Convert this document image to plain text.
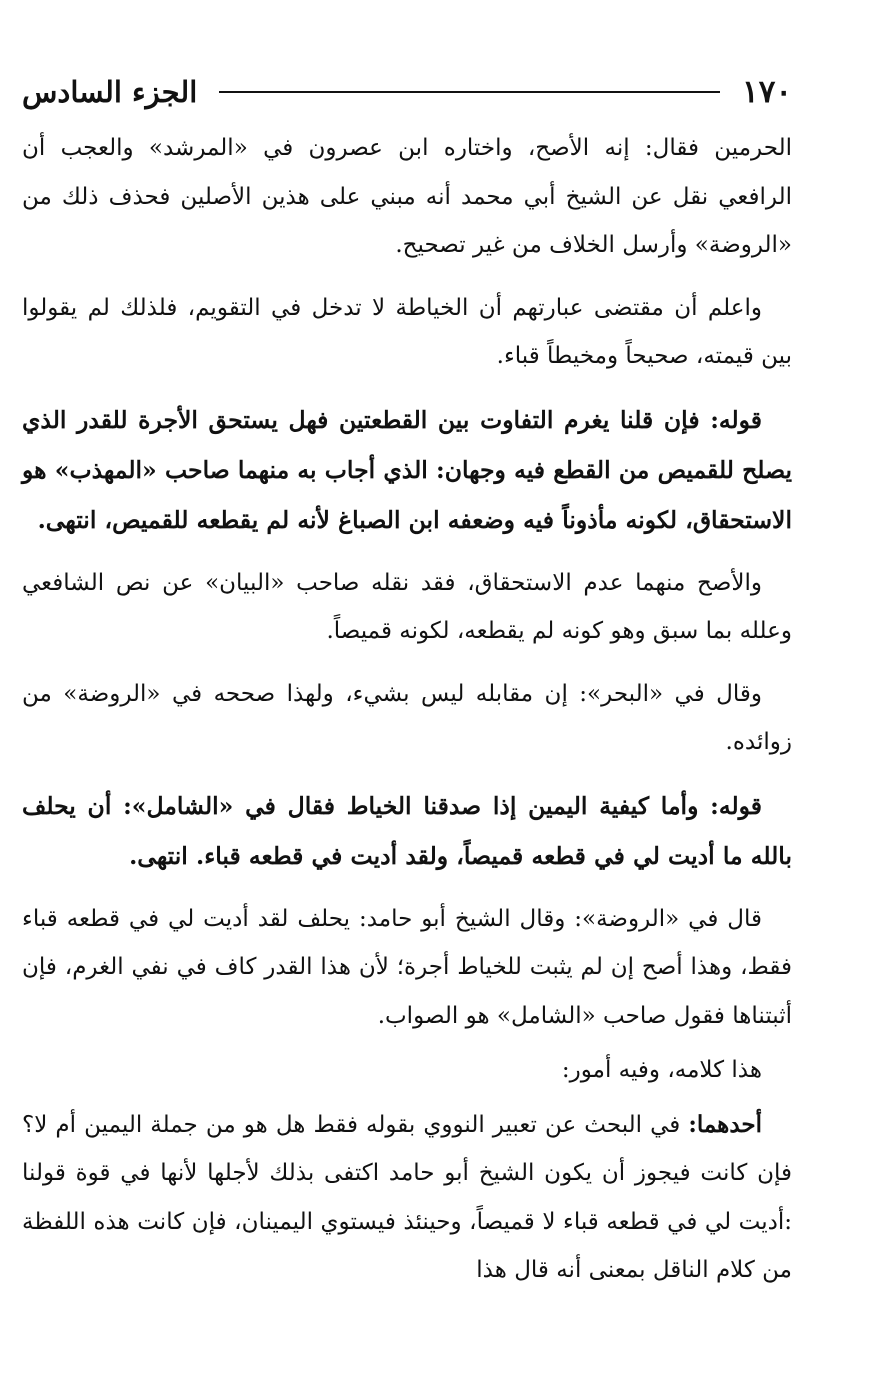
١٧٠
الجزء السادس

الحرمين فقال: إنه الأصح، واختاره ابن عصرون في «المرشد» والعجب أن الرافعي نقل عن الشيخ أبي محمد أنه مبني على هذين الأصلين فحذف ذلك من «الروضة» وأرسل الخلاف من غير تصحيح.

واعلم أن مقتضى عبارتهم أن الخياطة لا تدخل في التقويم، فلذلك لم يقولوا بين قيمته، صحيحاً ومخيطاً قباء.

قوله: فإن قلنا يغرم التفاوت بين القطعتين فهل يستحق الأجرة للقدر الذي يصلح للقميص من القطع فيه وجهان: الذي أجاب به منهما صاحب «المهذب» هو الاستحقاق، لكونه مأذوناً فيه وضعفه ابن الصباغ لأنه لم يقطعه للقميص، انتهى.

والأصح منهما عدم الاستحقاق، فقد نقله صاحب «البيان» عن نص الشافعي وعلله بما سبق وهو كونه لم يقطعه، لكونه قميصاً.

وقال في «البحر»: إن مقابله ليس بشيء، ولهذا صححه في «الروضة» من زوائده.

قوله: وأما كيفية اليمين إذا صدقنا الخياط فقال في «الشامل»: أن يحلف بالله ما أديت لي في قطعه قميصاً، ولقد أديت في قطعه قباء. انتهى.

قال في «الروضة»: وقال الشيخ أبو حامد: يحلف لقد أديت لي في قطعه قباء فقط، وهذا أصح إن لم يثبت للخياط أجرة؛ لأن هذا القدر كاف في نفي الغرم، فإن أثبتناها فقول صاحب «الشامل» هو الصواب.

هذا كلامه، وفيه أمور:

أحدهما: في البحث عن تعبير النووي بقوله فقط هل هو من جملة اليمين أم لا؟ فإن كانت فيجوز أن يكون الشيخ أبو حامد اكتفى بذلك لأجلها لأنها في قوة قولنا :أديت لي في قطعه قباء لا قميصاً، وحينئذ فيستوي اليمينان، فإن كانت هذه اللفظة من كلام الناقل بمعنى أنه قال هذا
